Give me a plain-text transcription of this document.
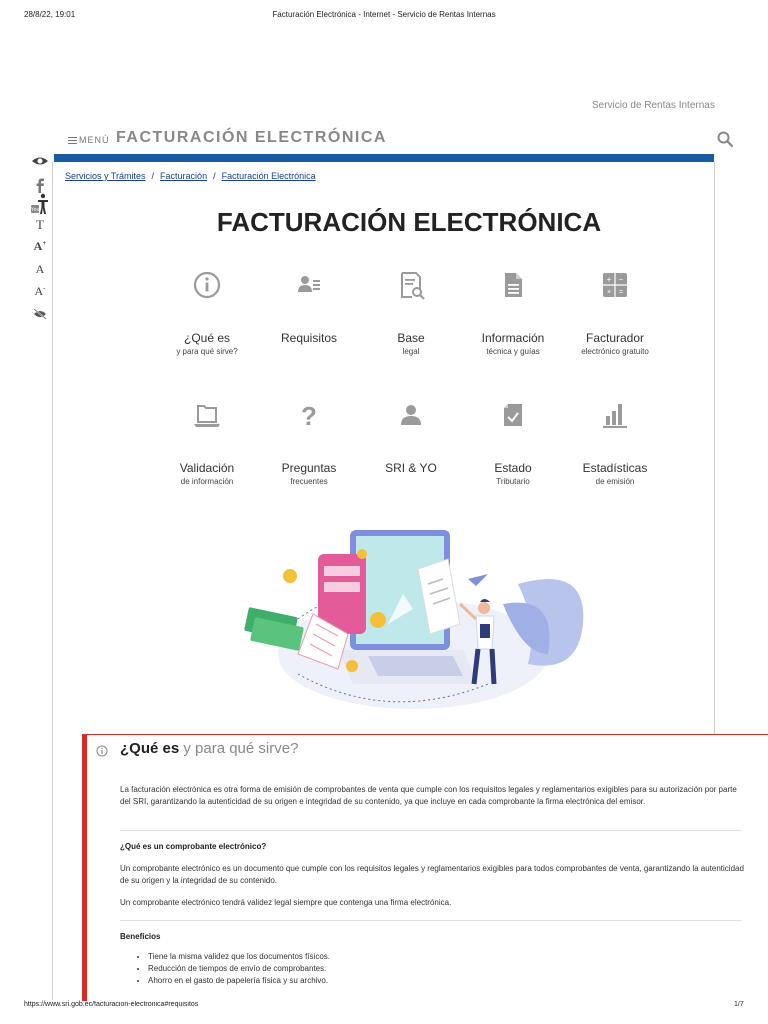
28/8/22, 19:01	Facturación Electrónica - Internet - Servicio de Rentas Internas
https://www.sri.gob.ec/facturacion-electronica#requisitos	1/7
Servicio de Rentas Internas
MENÚ FACTURACIÓN ELECTRÓNICA
You
T
A+
A
A-
Servicios y Trámites / Facturación / Facturación Electrónica
FACTURACIÓN ELECTRÓNICA
¿Qué es
y para qué sirve?
Requisitos	Base
legal
Información
técnica y guías
+ −
× =
Facturador
electrónico gratuito
Validación
de información
?
Preguntas
frecuentes
SRI & YO	Estado
Tributario
Estadísticas
de emisión
¿Qué es y para qué sirve?
La facturación electrónica es otra forma de emisión de comprobantes de venta que cumple con los requisitos legales y reglamentarios exigibles para su autorización por parte del SRI, garantizando la autenticidad de su origen e integridad de su contenido, ya que incluye en cada comprobante la firma electrónica del emisor.
¿Qué es un comprobante electrónico?
Un comprobante electrónico es un documento que cumple con los requisitos legales y reglamentarios exigibles para todos comprobantes de venta, garantizando la autenticidad de su origen y la integridad de su contenido.
Un comprobante electrónico tendrá validez legal siempre que contenga una firma electrónica.
Beneficios
• Tiene la misma validez que los documentos físicos.
• Reducción de tiempos de envío de comprobantes.
• Ahorro en el gasto de papelería física y su archivo.
